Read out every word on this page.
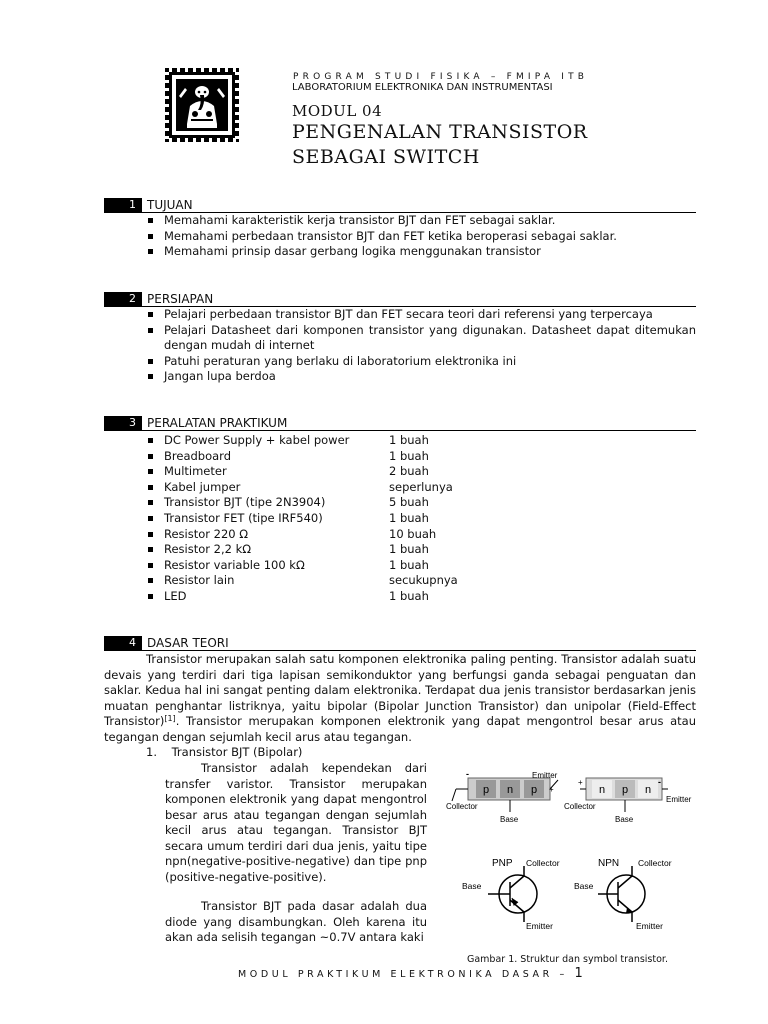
PROGRAM STUDI FISIKA – FMIPA ITB
LABORATORIUM ELEKTRONIKA DAN INSTRUMENTASI
MODUL 04
PENGENALAN TRANSISTOR
SEBAGAI SWITCH
1 TUJUAN
Memahami karakteristik kerja transistor BJT dan FET sebagai saklar.
Memahami perbedaan transistor BJT dan FET ketika beroperasi sebagai saklar.
Memahami prinsip dasar gerbang logika menggunakan transistor
2 PERSIAPAN
Pelajari perbedaan transistor BJT dan FET secara teori dari referensi yang terpercaya
Pelajari Datasheet dari komponen transistor yang digunakan. Datasheet dapat ditemukan dengan mudah di internet
Patuhi peraturan yang berlaku di laboratorium elektronika ini
Jangan lupa berdoa
3 PERALATAN PRAKTIKUM
DC Power Supply + kabel power	1 buah
Breadboard	1 buah
Multimeter	2 buah
Kabel jumper	seperlunya
Transistor BJT (tipe 2N3904)	5 buah
Transistor FET (tipe IRF540)	1 buah
Resistor 220 Ω	10 buah
Resistor 2,2 kΩ	1 buah
Resistor variable 100 kΩ	1 buah
Resistor lain	secukupnya
LED	1 buah
4 DASAR TEORI
Transistor merupakan salah satu komponen elektronika paling penting. Transistor adalah suatu devais yang terdiri dari tiga lapisan semikonduktor yang berfungsi ganda sebagai penguatan dan saklar. Kedua hal ini sangat penting dalam elektronika. Terdapat dua jenis transistor berdasarkan jenis muatan penghantar listriknya, yaitu bipolar (Bipolar Junction Transistor) dan unipolar (Field-Effect Transistor)[1]. Transistor merupakan komponen elektronik yang dapat mengontrol besar arus atau tegangan dengan sejumlah kecil arus atau tegangan.
1.    Transistor BJT (Bipolar)
Transistor adalah kependekan dari transfer varistor. Transistor merupakan komponen elektronik yang dapat mengontrol besar arus atau tegangan dengan sejumlah kecil arus atau tegangan. Transistor BJT secara umum terdiri dari dua jenis, yaitu tipe npn(negative-positive-negative) dan tipe pnp (positive-negative-positive).
Transistor BJT pada dasar adalah dua diode yang disambungkan. Oleh karena itu akan ada selisih tegangan ~0.7V antara kaki
p n p
-
+
Emitter
Collector
Base
n p n
+	-
Collector
Emitter
Base
PNP Collector
Base
Emitter
NPN Collector
Base
Emitter
Gambar 1. Struktur dan symbol transistor.
MODUL PRAKTIKUM ELEKTRONIKA DASAR – 1
